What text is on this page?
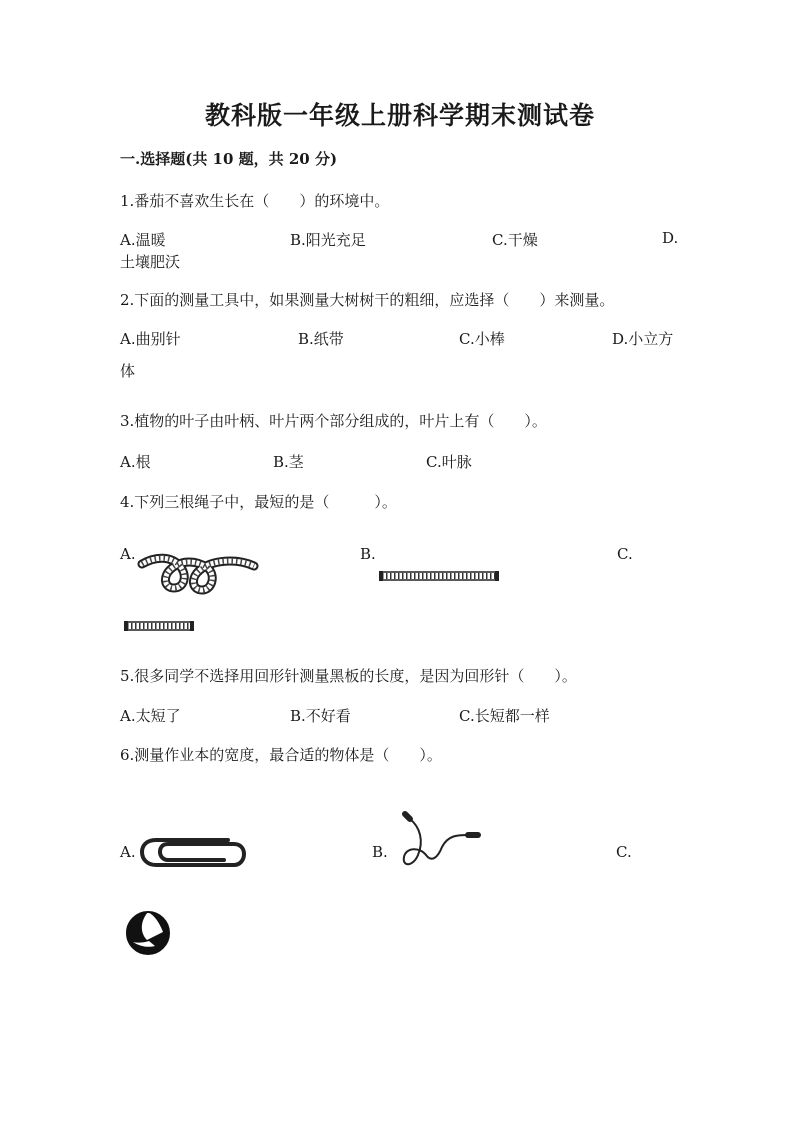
教科版一年级上册科学期末测试卷
一.选择题(共 10 题，共 20 分)
1.番茄不喜欢生长在（　　）的环境中。
A.温暖	B.阳光充足	C.干燥	D.
土壤肥沃
2.下面的测量工具中，如果测量大树树干的粗细，应选择（　　）来测量。
A.曲别针	B.纸带	C.小棒	D.小立方
体
3.植物的叶子由叶柄、叶片两个部分组成的，叶片上有（　　）。
A.根	B.茎	C.叶脉
4.下列三根绳子中，最短的是（　　　）。
A.	B.	C.
5.很多同学不选择用回形针测量黑板的长度，是因为回形针（　　）。
A.太短了	B.不好看	C.长短都一样
6.测量作业本的宽度，最合适的物体是（　　）。
A.	B.	C.
